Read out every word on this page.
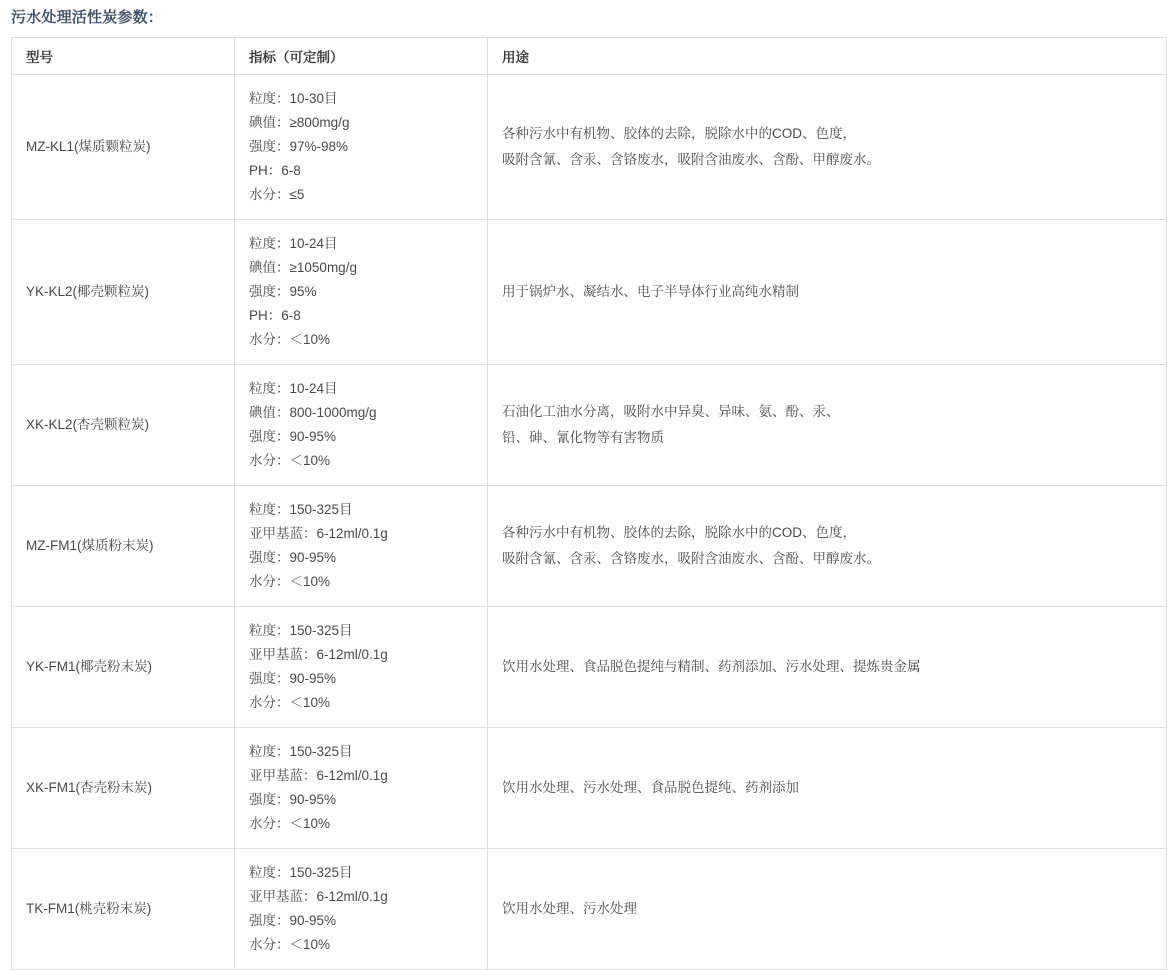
污水处理活性炭参数：
型号	指标（可定制）	用途
MZ-KL1(煤质颗粒炭)	粒度：10-30目
碘值：≥800mg/g
强度：97%-98%
PH：6-8
水分：≤5	各种污水中有机物、胶体的去除，脱除水中的COD、色度，
吸附含氰、含汞、含铬废水，吸附含油废水、含酚、甲醇废水。

YK-KL2(椰壳颗粒炭)	粒度：10-24目
碘值：≥1050mg/g
强度：95%
PH：6-8
水分：＜10%	用于锅炉水、凝结水、电子半导体行业高纯水精制

XK-KL2(杏壳颗粒炭)	粒度：10-24目
碘值：800-1000mg/g
强度：90-95%
水分：＜10%	石油化工油水分离，吸附水中异臭、异味、氨、酚、汞、
铅、砷、氰化物等有害物质

MZ-FM1(煤质粉末炭)	粒度：150-325目
亚甲基蓝：6-12ml/0.1g
强度：90-95%
水分：＜10%	各种污水中有机物、胶体的去除，脱除水中的COD、色度，
吸附含氰、含汞、含铬废水，吸附含油废水、含酚、甲醇废水。

YK-FM1(椰壳粉末炭)	粒度：150-325目
亚甲基蓝：6-12ml/0.1g
强度：90-95%
水分：＜10%	饮用水处理、食品脱色提纯与精制、药剂添加、污水处理、提炼贵金属

XK-FM1(杏壳粉末炭)	粒度：150-325目
亚甲基蓝：6-12ml/0.1g
强度：90-95%
水分：＜10%	饮用水处理、污水处理、食品脱色提纯、药剂添加

TK-FM1(桃壳粉末炭)	粒度：150-325目
亚甲基蓝：6-12ml/0.1g
强度：90-95%
水分：＜10%	饮用水处理、污水处理
